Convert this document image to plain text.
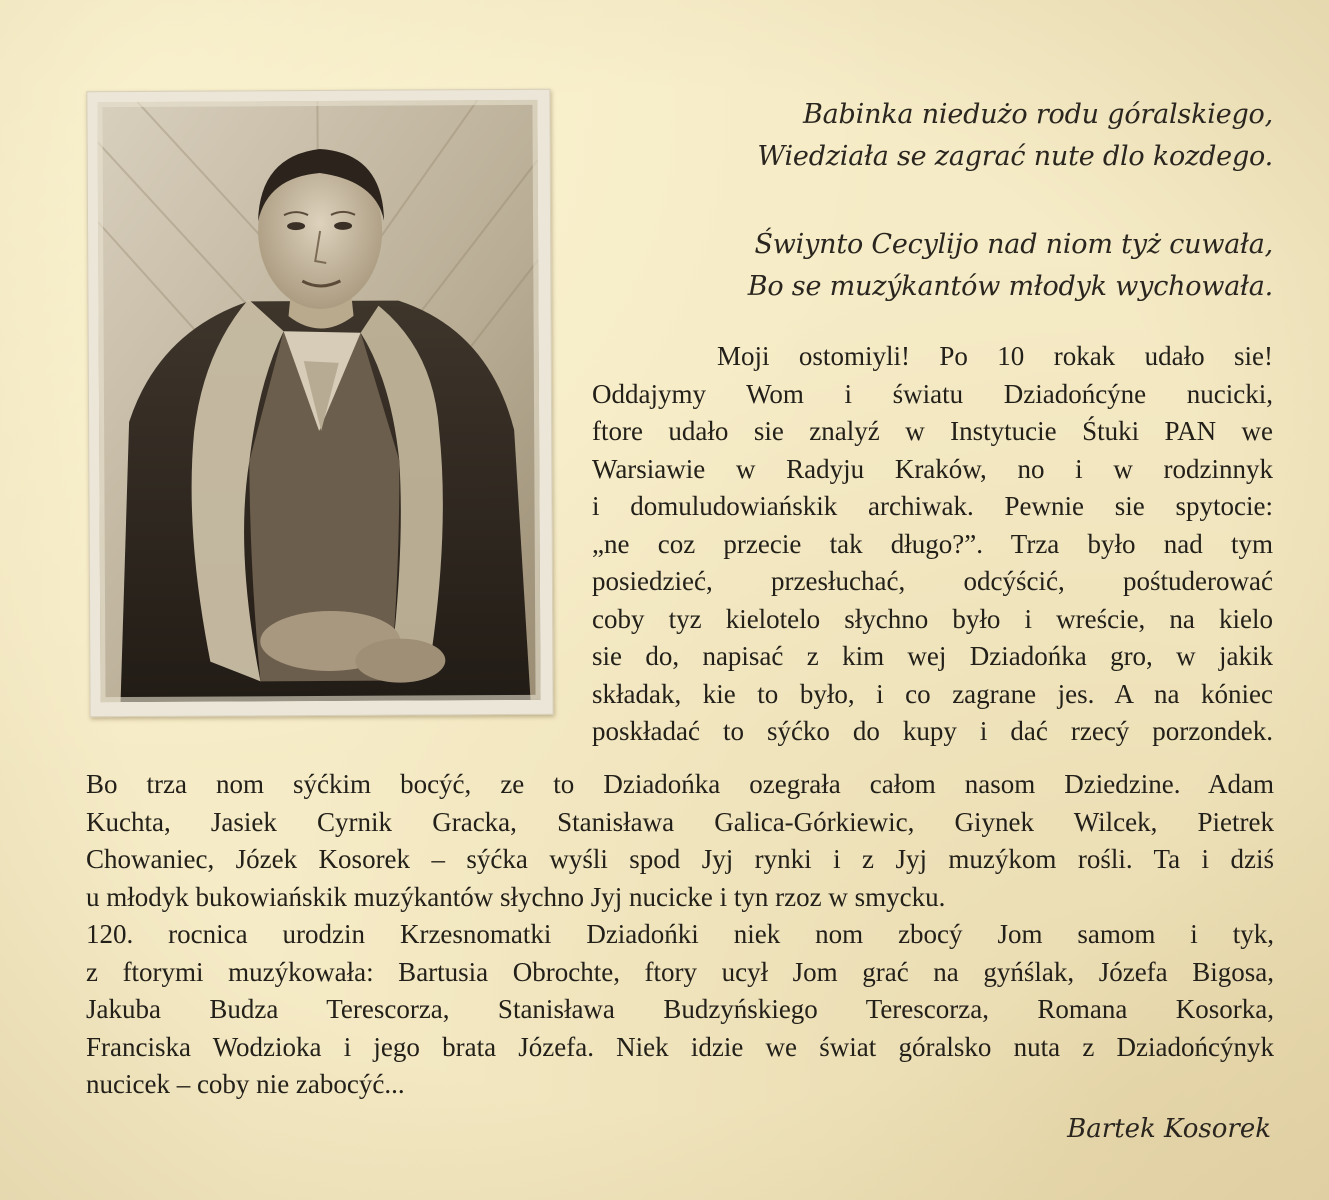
Babinka niedużo rodu góralskiego,

Wiedziała se zagrać nute dlo kozdego.

Świynto Cecylijo nad niom tyż cuwała,

Bo se muzýkantów młodyk wychowała.

Moji ostomiyli! Po 10 rokak udało sie!

Oddajymy Wom i światu Dziadońcýne nucicki,

ftore udało sie znalyź w Instytucie Śtuki PAN we

Warsiawie w Radyju Kraków, no i w rodzinnyk

i domuludowiańskik archiwak. Pewnie sie spytocie:

„ne coz przecie tak długo?”. Trza było nad tym

posiedzieć, przesłuchać, odcýścić, pośtuderować

coby tyz kielotelo słychno było i wreście, na kielo

sie do, napisać z kim wej Dziadońka gro, w jakik

składak, kie to było, i co zagrane jes. A na kóniec

poskładać to sýćko do kupy i dać rzecý porzondek.

Bo trza nom sýćkim bocýć, ze to Dziadońka ozegrała całom nasom Dziedzine. Adam

Kuchta, Jasiek Cyrnik Gracka, Stanisława Galica-Górkiewic, Giynek Wilcek, Pietrek

Chowaniec, Józek Kosorek – sýćka wyśli spod Jyj rynki i z Jyj muzýkom rośli. Ta i dziś

u młodyk bukowiańskik muzýkantów słychno Jyj nucicke i tyn rzoz w smycku.

120. rocnica urodzin Krzesnomatki Dziadońki niek nom zbocý Jom samom i tyk,

z ftorymi muzýkowała: Bartusia Obrochte, ftory ucył Jom grać na gyńślak, Józefa Bigosa,

Jakuba Budza Terescorza, Stanisława Budzyńskiego Terescorza, Romana Kosorka,

Franciska Wodzioka i jego brata Józefa. Niek idzie we świat góralsko nuta z Dziadońcýnyk

nucicek – coby nie zabocýć...

Bartek Kosorek
